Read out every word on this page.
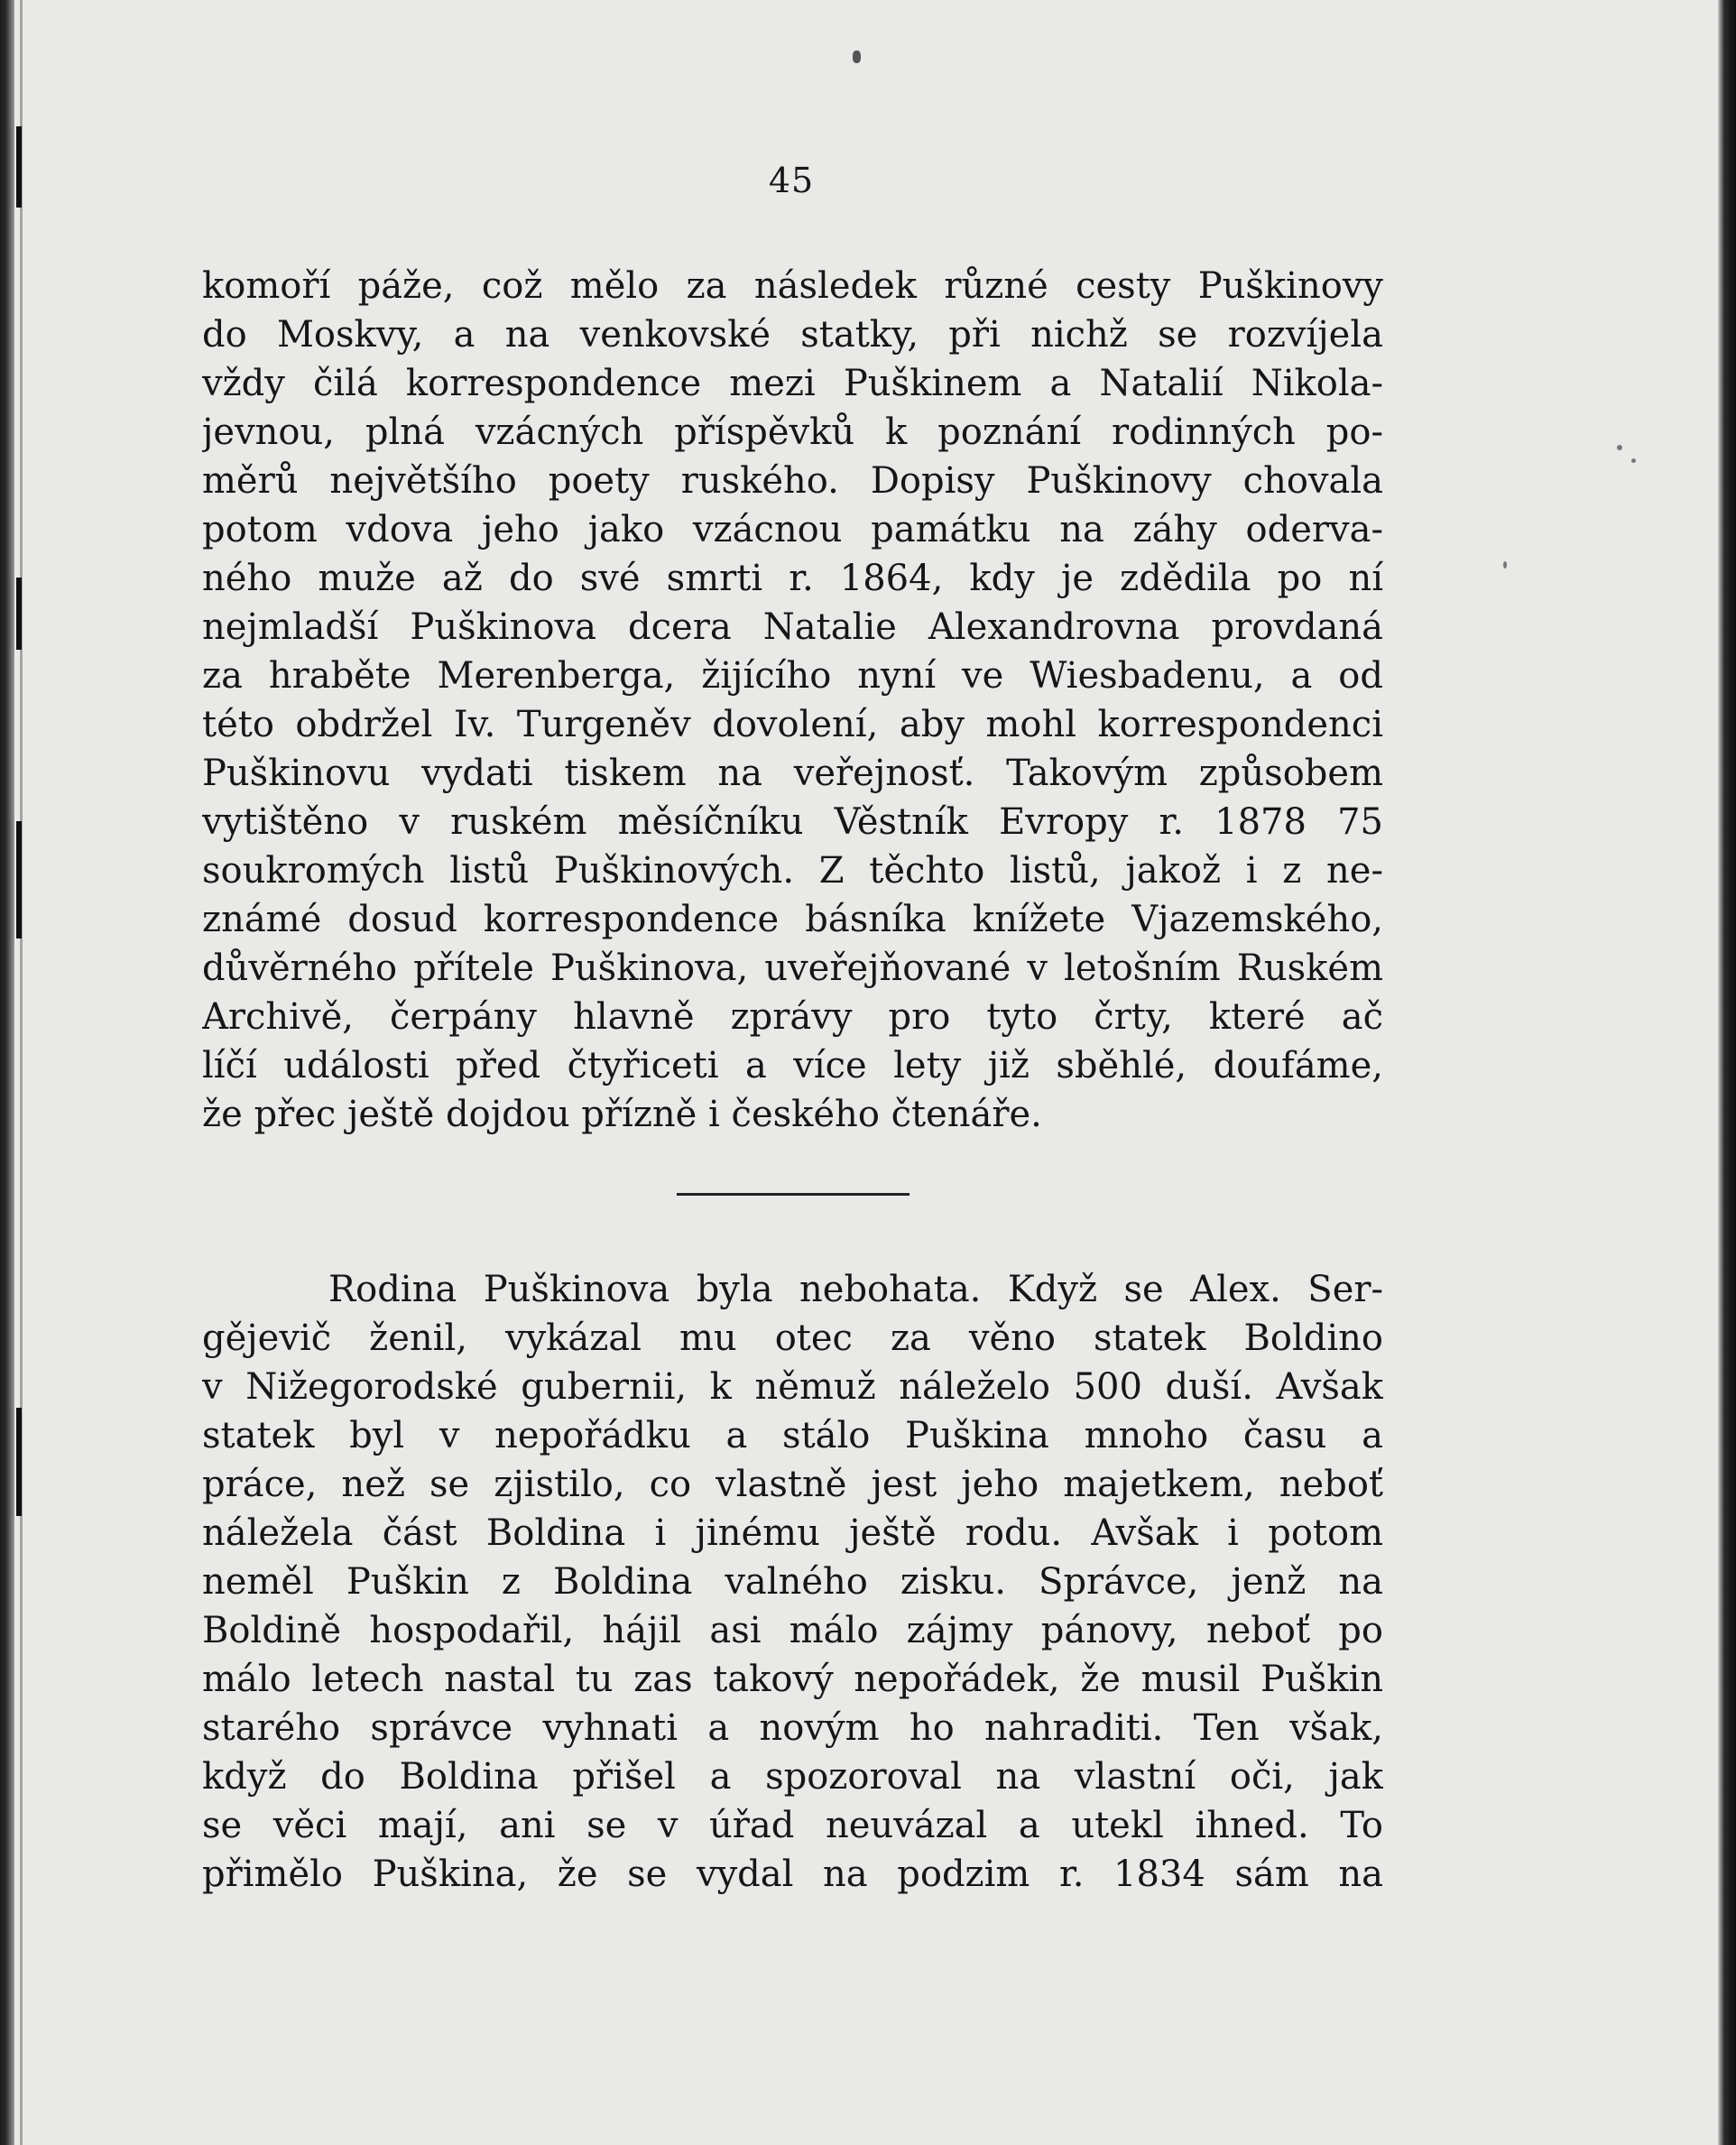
45
komoří páže, což mělo za následek různé cesty Puškinovy
do Moskvy, a na venkovské statky, při nichž se rozvíjela
vždy čilá korrespondence mezi Puškinem a Natalií Nikola-
jevnou, plná vzácných příspěvků k poznání rodinných po-
měrů největšího poety ruského. Dopisy Puškinovy chovala
potom vdova jeho jako vzácnou památku na záhy oderva-
ného muže až do své smrti r. 1864, kdy je zdědila po ní
nejmladší Puškinova dcera Natalie Alexandrovna provdaná
za hraběte Merenberga, žijícího nyní ve Wiesbadenu, a od
této obdržel Iv. Turgeněv dovolení, aby mohl korrespondenci
Puškinovu vydati tiskem na veřejnosť. Takovým způsobem
vytištěno v ruském měsíčníku Věstník Evropy r. 1878 75
soukromých listů Puškinových. Z těchto listů, jakož i z ne-
známé dosud korrespondence básníka knížete Vjazemského,
důvěrného přítele Puškinova, uveřejňované v letošním Ruském
Archivě, čerpány hlavně zprávy pro tyto črty, které ač
líčí události před čtyřiceti a více lety již sběhlé, doufáme,
že přec ještě dojdou přízně i českého čtenáře.
Rodina Puškinova byla nebohata. Když se Alex. Ser-
gějevič ženil, vykázal mu otec za věno statek Boldino
v Nižegorodské gubernii, k němuž náleželo 500 duší. Avšak
statek byl v nepořádku a stálo Puškina mnoho času a
práce, než se zjistilo, co vlastně jest jeho majetkem, neboť
náležela část Boldina i jinému ještě rodu. Avšak i potom
neměl Puškin z Boldina valného zisku. Správce, jenž na
Boldině hospodařil, hájil asi málo zájmy pánovy, neboť po
málo letech nastal tu zas takový nepořádek, že musil Puškin
starého správce vyhnati a novým ho nahraditi. Ten však,
když do Boldina přišel a spozoroval na vlastní oči, jak
se věci mají, ani se v úřad neuvázal a utekl ihned. To
přimělo Puškina, že se vydal na podzim r. 1834 sám na
